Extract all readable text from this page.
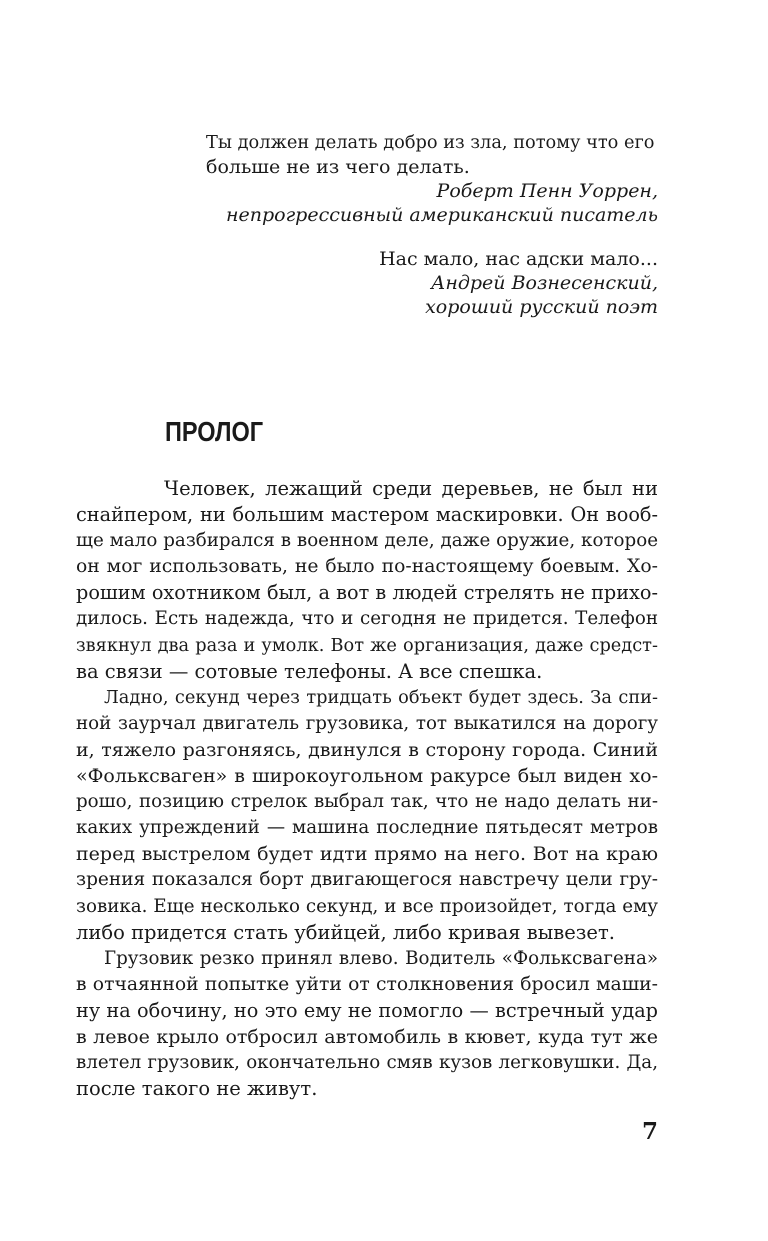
Ты должен делать добро из зла, потому что его
больше не из чего делать.
Роберт Пенн Уоррен,
непрогрессивный американский писатель
Нас мало, нас адски мало...
Андрей Вознесенский,
хороший русский поэт
ПРОЛОГ
Человек, лежащий среди деревьев, не был ни
снайпером, ни большим мастером маскировки. Он вооб-
ще мало разбирался в военном деле, даже оружие, которое
он мог использовать, не было по-настоящему боевым. Хо-
рошим охотником был, а вот в людей стрелять не прихо-
дилось. Есть надежда, что и сегодня не придется. Телефон
звякнул два раза и умолк. Вот же организация, даже средст-
ва связи — сотовые телефоны. А все спешка.
Ладно, секунд через тридцать объект будет здесь. За спи-
ной заурчал двигатель грузовика, тот выкатился на дорогу
и, тяжело разгоняясь, двинулся в сторону города. Синий
«Фольксваген» в широкоугольном ракурсе был виден хо-
рошо, позицию стрелок выбрал так, что не надо делать ни-
каких упреждений — машина последние пятьдесят метров
перед выстрелом будет идти прямо на него. Вот на краю
зрения показался борт двигающегося навстречу цели гру-
зовика. Еще несколько секунд, и все произойдет, тогда ему
либо придется стать убийцей, либо кривая вывезет.
Грузовик резко принял влево. Водитель «Фольксвагена»
в отчаянной попытке уйти от столкновения бросил маши-
ну на обочину, но это ему не помогло — встречный удар
в левое крыло отбросил автомобиль в кювет, куда тут же
влетел грузовик, окончательно смяв кузов легковушки. Да,
после такого не живут.
7
